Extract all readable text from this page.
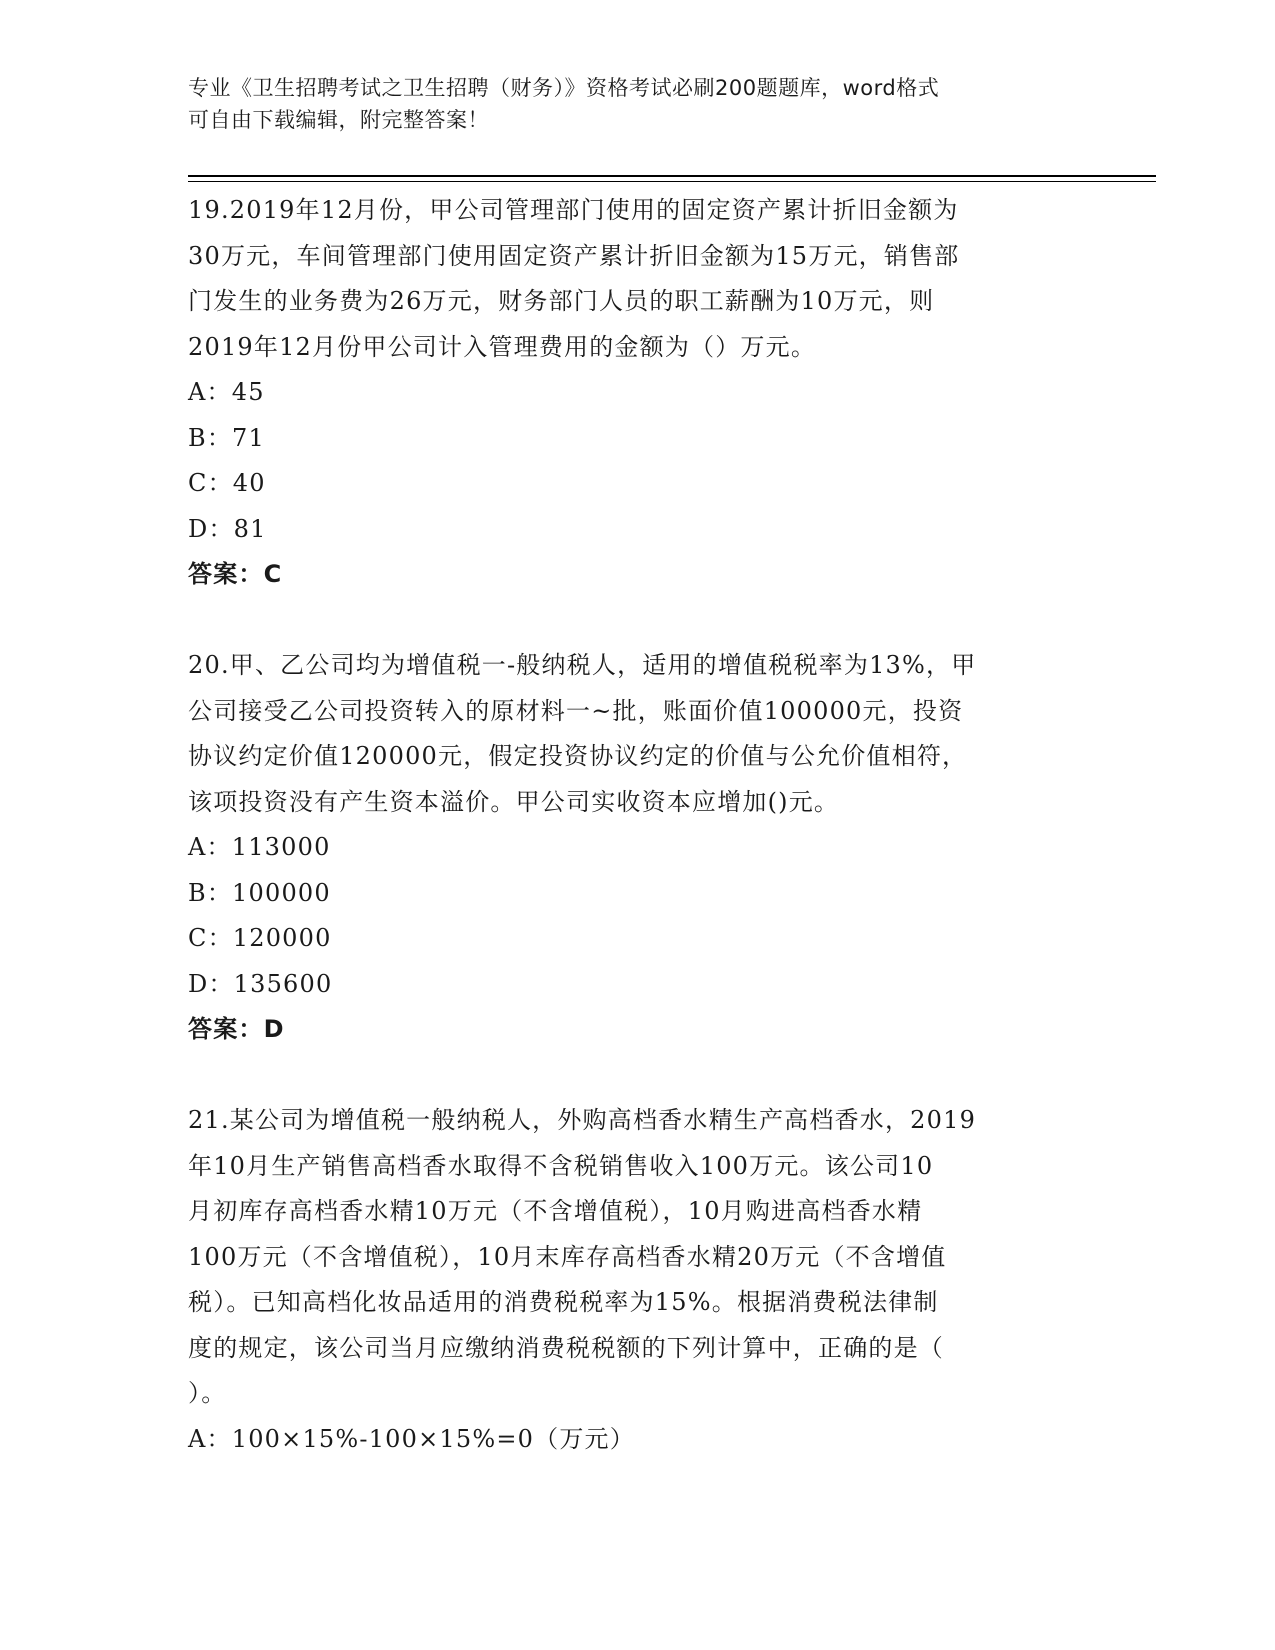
专业《卫生招聘考试之卫生招聘（财务）》资格考试必刷200题题库，word格式
可自由下载编辑，附完整答案！
19.2019年12月份，甲公司管理部门使用的固定资产累计折旧金额为
30万元，车间管理部门使用固定资产累计折旧金额为15万元，销售部
门发生的业务费为26万元，财务部门人员的职工薪酬为10万元，则
2019年12月份甲公司计入管理费用的金额为（）万元。
A：45
B：71
C：40
D：81
答案：C
20.甲、乙公司均为增值税一-般纳税人，适用的增值税税率为13%，甲
公司接受乙公司投资转入的原材料一~批，账面价值100000元，投资
协议约定价值120000元，假定投资协议约定的价值与公允价值相符，
该项投资没有产生资本溢价。甲公司实收资本应增加()元。
A：113000
B：100000
C：120000
D：135600
答案：D
21.某公司为增值税一般纳税人，外购高档香水精生产高档香水，2019
年10月生产销售高档香水取得不含税销售收入100万元。该公司10
月初库存高档香水精10万元（不含增值税），10月购进高档香水精
100万元（不含增值税），10月末库存高档香水精20万元（不含增值
税）。已知高档化妆品适用的消费税税率为15%。根据消费税法律制
度的规定，该公司当月应缴纳消费税税额的下列计算中，正确的是（
）。
A：100×15%-100×15%=0（万元）
